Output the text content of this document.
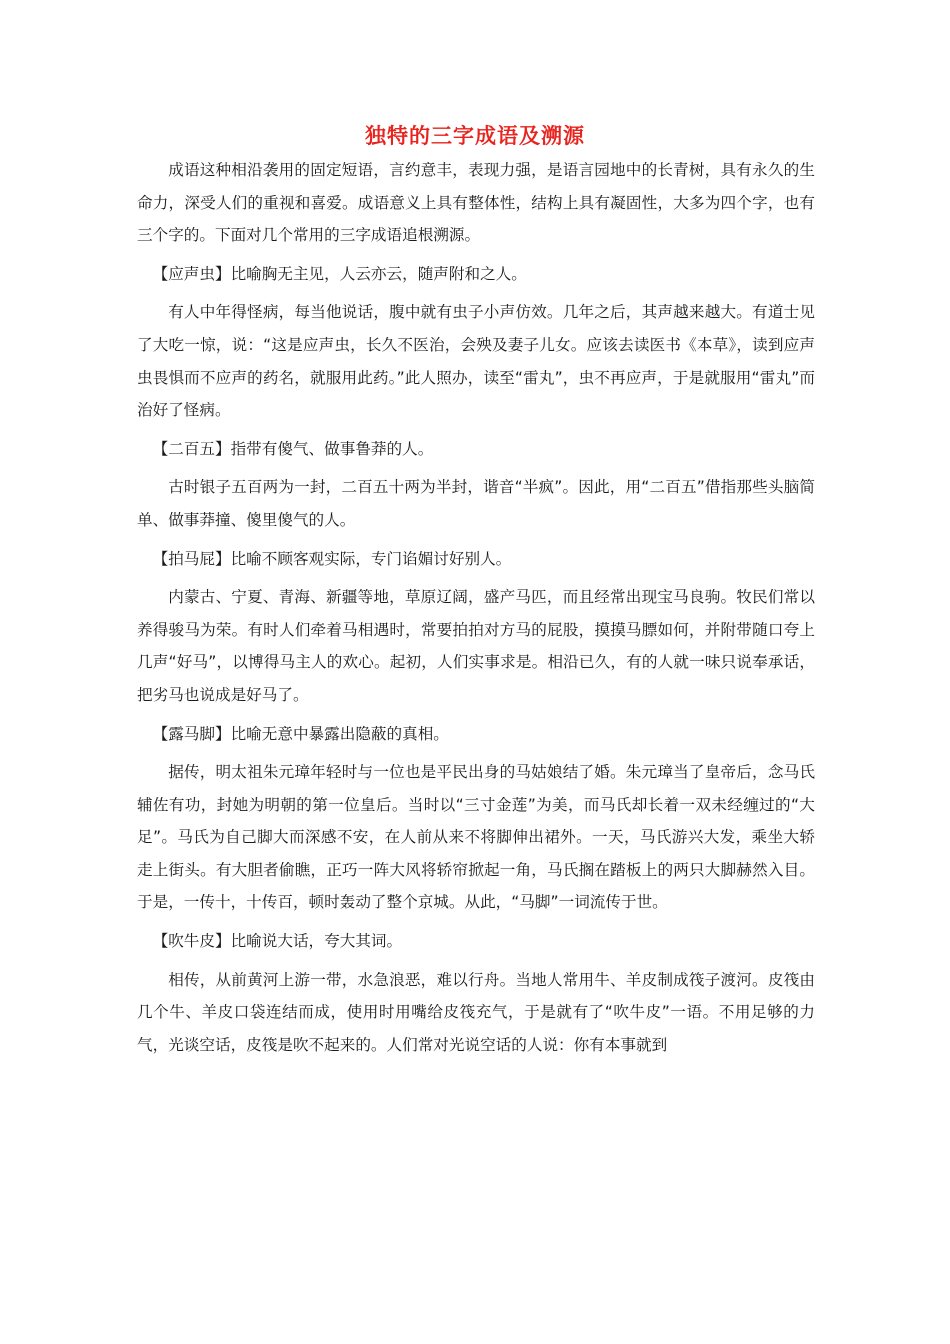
独特的三字成语及溯源

成语这种相沿袭用的固定短语，言约意丰，表现力强，是语言园地中的长青树，具有永久的生命力，深受人们的重视和喜爱。成语意义上具有整体性，结构上具有凝固性，大多为四个字，也有三个字的。下面对几个常用的三字成语追根溯源。

【应声虫】比喻胸无主见，人云亦云，随声附和之人。

有人中年得怪病，每当他说话，腹中就有虫子小声仿效。几年之后，其声越来越大。有道士见了大吃一惊，说：“这是应声虫，长久不医治，会殃及妻子儿女。应该去读医书《本草》，读到应声虫畏惧而不应声的药名，就服用此药。”此人照办，读至“雷丸”，虫不再应声，于是就服用“雷丸”而治好了怪病。

【二百五】指带有傻气、做事鲁莽的人。

古时银子五百两为一封，二百五十两为半封，谐音“半疯”。因此，用“二百五”借指那些头脑简单、做事莽撞、傻里傻气的人。

【拍马屁】比喻不顾客观实际，专门谄媚讨好别人。

内蒙古、宁夏、青海、新疆等地，草原辽阔，盛产马匹，而且经常出现宝马良驹。牧民们常以养得骏马为荣。有时人们牵着马相遇时，常要拍拍对方马的屁股，摸摸马膘如何，并附带随口夸上几声“好马”，以博得马主人的欢心。起初，人们实事求是。相沿已久，有的人就一味只说奉承话，把劣马也说成是好马了。

【露马脚】比喻无意中暴露出隐蔽的真相。

据传，明太祖朱元璋年轻时与一位也是平民出身的马姑娘结了婚。朱元璋当了皇帝后，念马氏辅佐有功，封她为明朝的第一位皇后。当时以“三寸金莲”为美，而马氏却长着一双未经缠过的“大足”。马氏为自己脚大而深感不安，在人前从来不将脚伸出裙外。一天，马氏游兴大发，乘坐大轿走上街头。有大胆者偷瞧，正巧一阵大风将轿帘掀起一角，马氏搁在踏板上的两只大脚赫然入目。于是，一传十，十传百，顿时轰动了整个京城。从此，“马脚”一词流传于世。

【吹牛皮】比喻说大话，夸大其词。

相传，从前黄河上游一带，水急浪恶，难以行舟。当地人常用牛、羊皮制成筏子渡河。皮筏由几个牛、羊皮口袋连结而成，使用时用嘴给皮筏充气，于是就有了“吹牛皮”一语。不用足够的力气，光谈空话，皮筏是吹不起来的。人们常对光说空话的人说：你有本事就到
